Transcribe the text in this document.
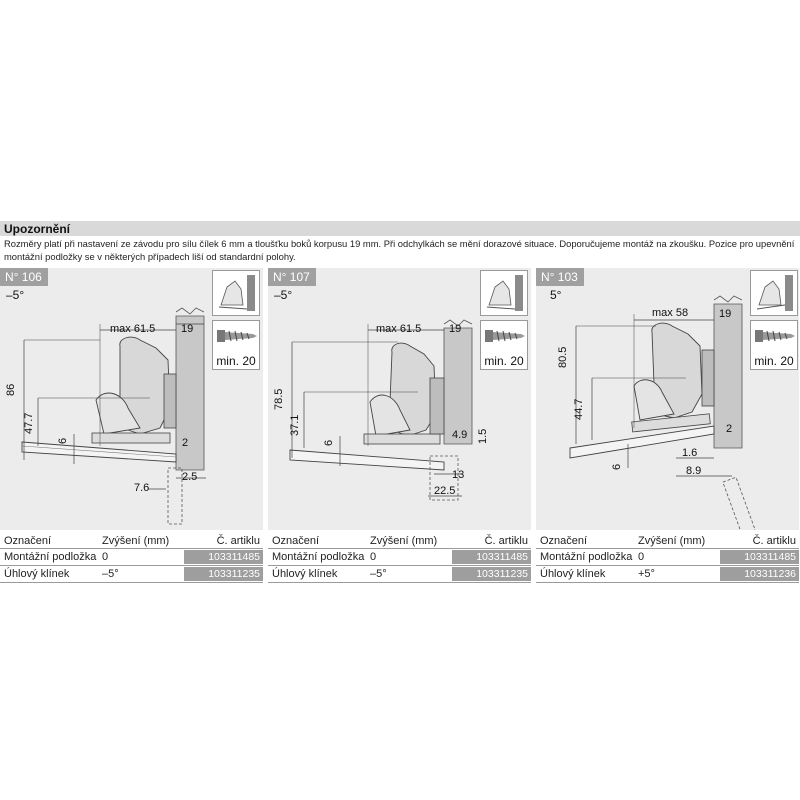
Upozornění
Rozměry platí při nastavení ze závodu pro sílu čílek 6 mm a tloušťku boků korpusu 19 mm. Při odchylkách se mění dorazové situace. Doporučujeme montáž na zkoušku. Pozice pro upevnění montážní podložky se v některých případech liší od standardní polohy.
max 61.5 19
86
47.7
6	2
7.6
2.5
N° 106
–5°
min. 20
max 61.5	19
78.5
37.1
6
4.9 1.5
13
22.5
N° 107
–5°
min. 20
max 58	19
80.5
44.7
6
2
1.6
8.9
N° 103
5°
min. 20
Označení	Zvýšení (mm)	Č. artiklu
Montážní podložka 0	103311485
Úhlový klínek	–5°	103311235
Označení	Zvýšení (mm)	Č. artiklu
Montážní podložka 0	103311485
Úhlový klínek	–5°	103311235
Označení	Zvýšení (mm)	Č. artiklu
Montážní podložka 0	103311485
Úhlový klínek	+5°	103311236
